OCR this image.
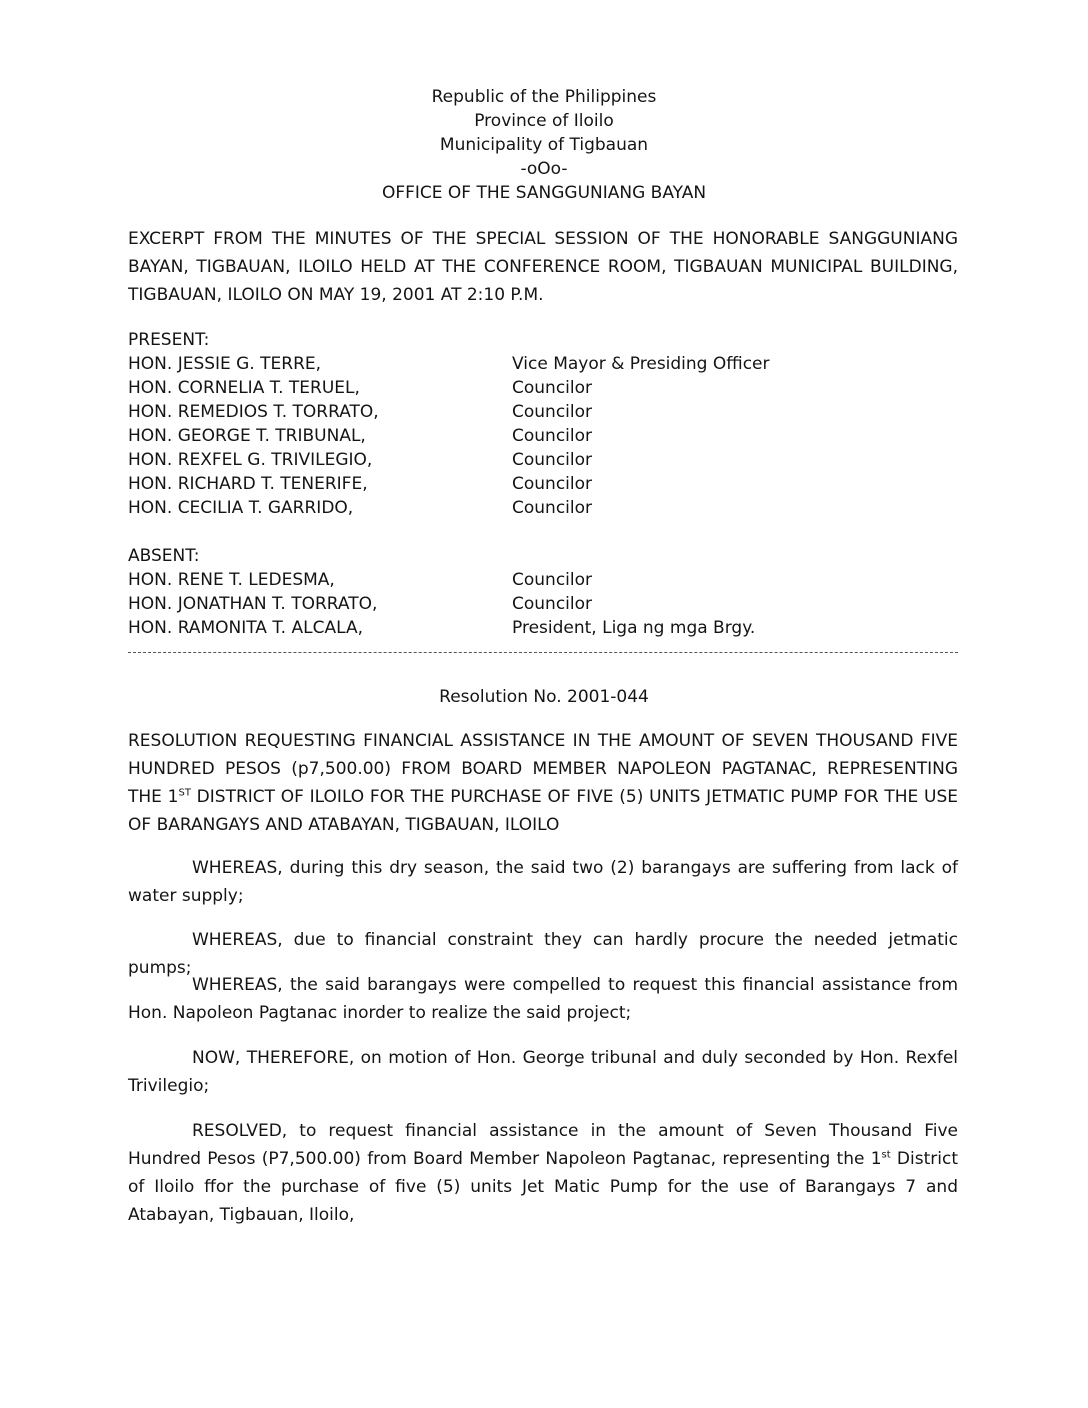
Republic of the Philippines
Province of Iloilo
Municipality of Tigbauan
-oOo-
OFFICE OF THE SANGGUNIANG BAYAN
EXCERPT FROM THE MINUTES OF THE SPECIAL SESSION OF THE HONORABLE SANGGUNIANG BAYAN, TIGBAUAN, ILOILO HELD AT THE CONFERENCE ROOM, TIGBAUAN MUNICIPAL BUILDING, TIGBAUAN, ILOILO ON MAY 19, 2001 AT 2:10 P.M.
PRESENT:
HON. JESSIE G. TERRE,	Vice Mayor & Presiding Officer
HON. CORNELIA T. TERUEL,	Councilor
HON. REMEDIOS T. TORRATO,	Councilor
HON. GEORGE T. TRIBUNAL,	Councilor
HON. REXFEL G. TRIVILEGIO,	Councilor
HON. RICHARD T. TENERIFE,	Councilor
HON. CECILIA T. GARRIDO,	Councilor
ABSENT:
HON. RENE T. LEDESMA,	Councilor
HON. JONATHAN T. TORRATO,	Councilor
HON. RAMONITA T. ALCALA,	President, Liga ng mga Brgy.
Resolution No. 2001-044
RESOLUTION REQUESTING FINANCIAL ASSISTANCE IN THE AMOUNT OF SEVEN THOUSAND FIVE HUNDRED PESOS (p7,500.00) FROM BOARD MEMBER NAPOLEON PAGTANAC, REPRESENTING THE 1ST DISTRICT OF ILOILO FOR THE PURCHASE OF FIVE (5) UNITS JETMATIC PUMP FOR THE USE OF BARANGAYS AND ATABAYAN, TIGBAUAN, ILOILO
WHEREAS, during this dry season, the said two (2) barangays are suffering from lack of water supply;
WHEREAS, due to financial constraint they can hardly procure the needed jetmatic pumps;
WHEREAS, the said barangays were compelled to request this financial assistance from Hon. Napoleon Pagtanac inorder to realize the said project;
NOW, THEREFORE, on motion of Hon. George tribunal and duly seconded by Hon. Rexfel Trivilegio;
RESOLVED, to request financial assistance in the amount of Seven Thousand Five Hundred Pesos (P7,500.00) from Board Member Napoleon Pagtanac, representing the 1st District of Iloilo ffor the purchase of five (5) units Jet Matic Pump for the use of Barangays 7 and Atabayan, Tigbauan, Iloilo,
